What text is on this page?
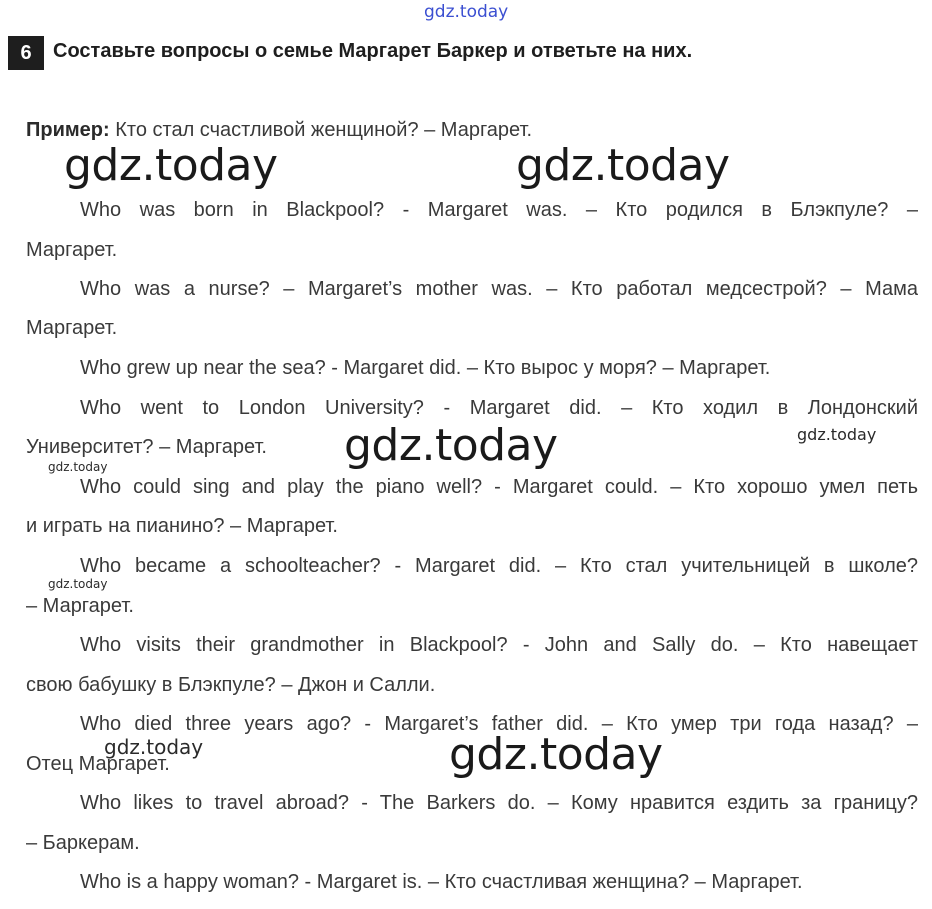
gdz.today
6	Составьте вопросы о семье Маргарет Баркер и ответьте на них.
Пример: Кто стал счастливой женщиной? – Маргарет.
Who was born in Blackpool? - Margaret was. – Кто родился в Блэкпуле? –
Маргарет.
Who was a nurse? – Margaret’s mother was. – Кто работал медсестрой? – Мама
Маргарет.
Who grew up near the sea? - Margaret did. – Кто вырос у моря? – Маргарет.
Who went to London University? - Margaret did. – Кто ходил в Лондонский
Университет? – Маргарет.
Who could sing and play the piano well? - Margaret could. – Кто хорошо умел петь
и играть на пианино? – Маргарет.
Who became a schoolteacher? - Margaret did. – Кто стал учительницей в школе?
– Маргарет.
Who visits their grandmother in Blackpool? - John and Sally do. – Кто навещает
свою бабушку в Блэкпуле? – Джон и Салли.
Who died three years ago? - Margaret’s father did. – Кто умер три года назад? –
Отец Маргарет.
Who likes to travel abroad? - The Barkers do. – Кому нравится ездить за границу?
– Баркерам.
Who is a happy woman? - Margaret is. – Кто счастливая женщина? – Маргарет.
gdz.today	gdz.today
gdz.today
gdz.today
gdz.today
gdz.today
gdz.today
gdz.today
